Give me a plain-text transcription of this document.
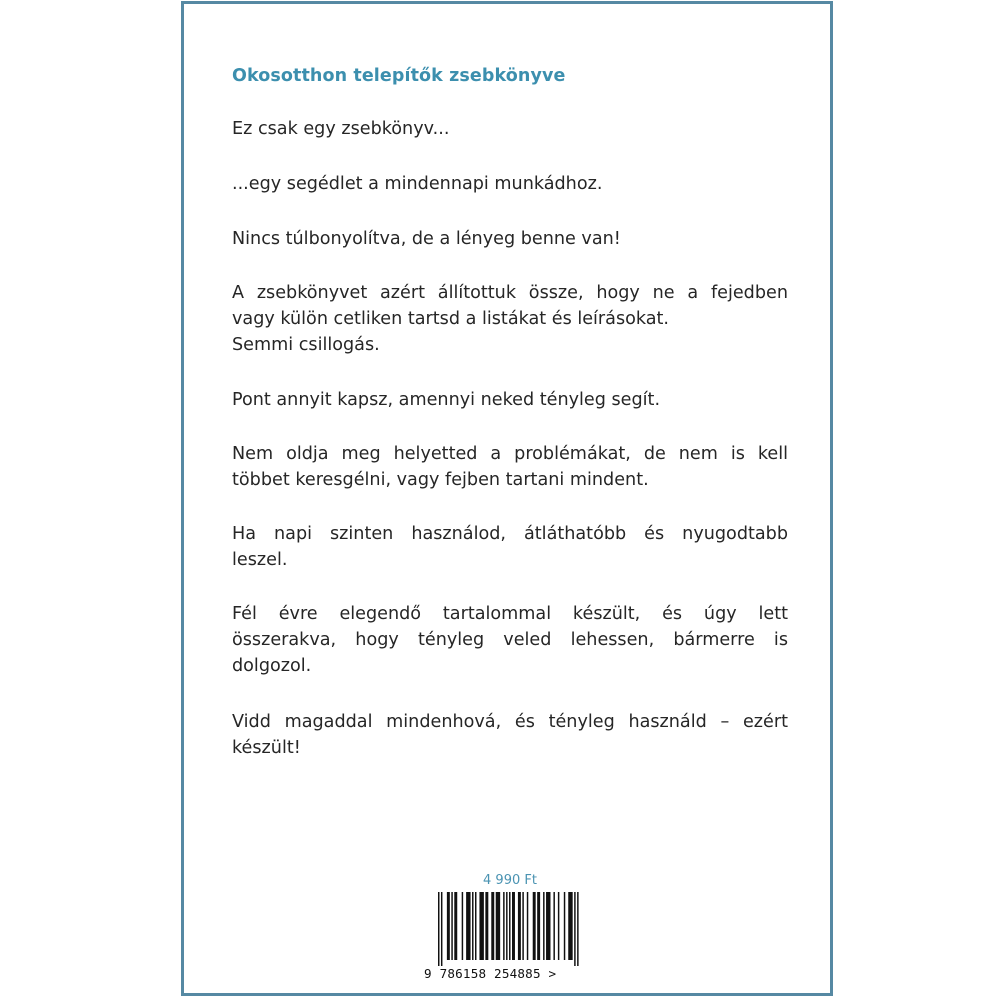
Okosotthon telepítők zsebkönyve

Ez csak egy zsebkönyv...

...egy segédlet a mindennapi munkádhoz.

Nincs túlbonyolítva, de a lényeg benne van!

A zsebkönyvet azért állítottuk össze, hogy ne a fejedben
vagy külön cetliken tartsd a listákat és leírásokat.
Semmi csillogás.

Pont annyit kapsz, amennyi neked tényleg segít.

Nem oldja meg helyetted a problémákat, de nem is kell
többet keresgélni, vagy fejben tartani mindent.

Ha napi szinten használod, átláthatóbb és nyugodtabb
leszel.

Fél évre elegendő tartalommal készült, és úgy lett
összerakva, hogy tényleg veled lehessen, bármerre is
dolgozol.

Vidd magaddal mindenhová, és tényleg használd – ezért
készült!

4 990 Ft
9 786158 254885 >
